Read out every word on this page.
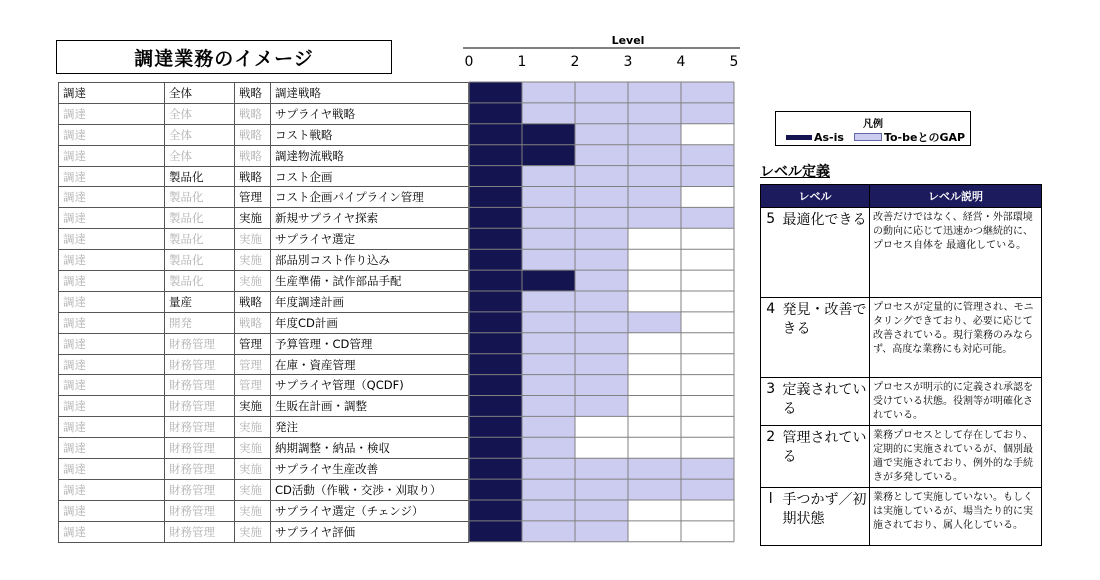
調達業務のイメージ
調達	全体	戦略	調達戦略
調達	全体	戦略	サプライヤ戦略
調達	全体	戦略	コスト戦略
調達	全体	戦略	調達物流戦略
調達	製品化	戦略	コスト企画
調達	製品化	管理	コスト企画パイプライン管理
調達	製品化	実施	新規サプライヤ探索
調達	製品化	実施	サプライヤ選定
調達	製品化	実施	部品別コスト作り込み
調達	製品化	実施	生産準備・試作部品手配
調達	量産	戦略	年度調達計画
調達	開発	戦略	年度CD計画
調達	財務管理	管理	予算管理・CD管理
調達	財務管理	管理	在庫・資産管理
調達	財務管理	管理	サプライヤ管理（QCDF)
調達	財務管理	実施	生販在計画・調整
調達	財務管理	実施	発注
調達	財務管理	実施	納期調整・納品・検収
調達	財務管理	実施	サプライヤ生産改善
調達	財務管理	実施	CD活動（作戦・交渉・刈取り）
調達	財務管理	実施	サプライヤ選定（チェンジ）
調達	財務管理	実施	サプライヤ評価
Level
0	1	2	3	4	5
凡例
As-is	To-beとのGAP
レベル定義
レベル		レベル説明
5	最適化できる	改善だけではなく、経営・外部環境の動向に応じて迅速かつ継続的に、プロセス自体を 最適化している。
4	発見・改善できる	プロセスが定量的に管理され、モニタリングできており、必要に応じて改善されている。現行業務のみならず、高度な業務にも対応可能。
3	定義されている	プロセスが明示的に定義され承認を受けている状態。役割等が明確化されている。
2	管理されている	業務プロセスとして存在しており、定期的に実施されているが、個別最適で実施されており、例外的な手続きが多発している。
l	手つかず／初期状態	業務として実施していない。もしくは実施しているが、場当たり的に実施されており、属人化している。
